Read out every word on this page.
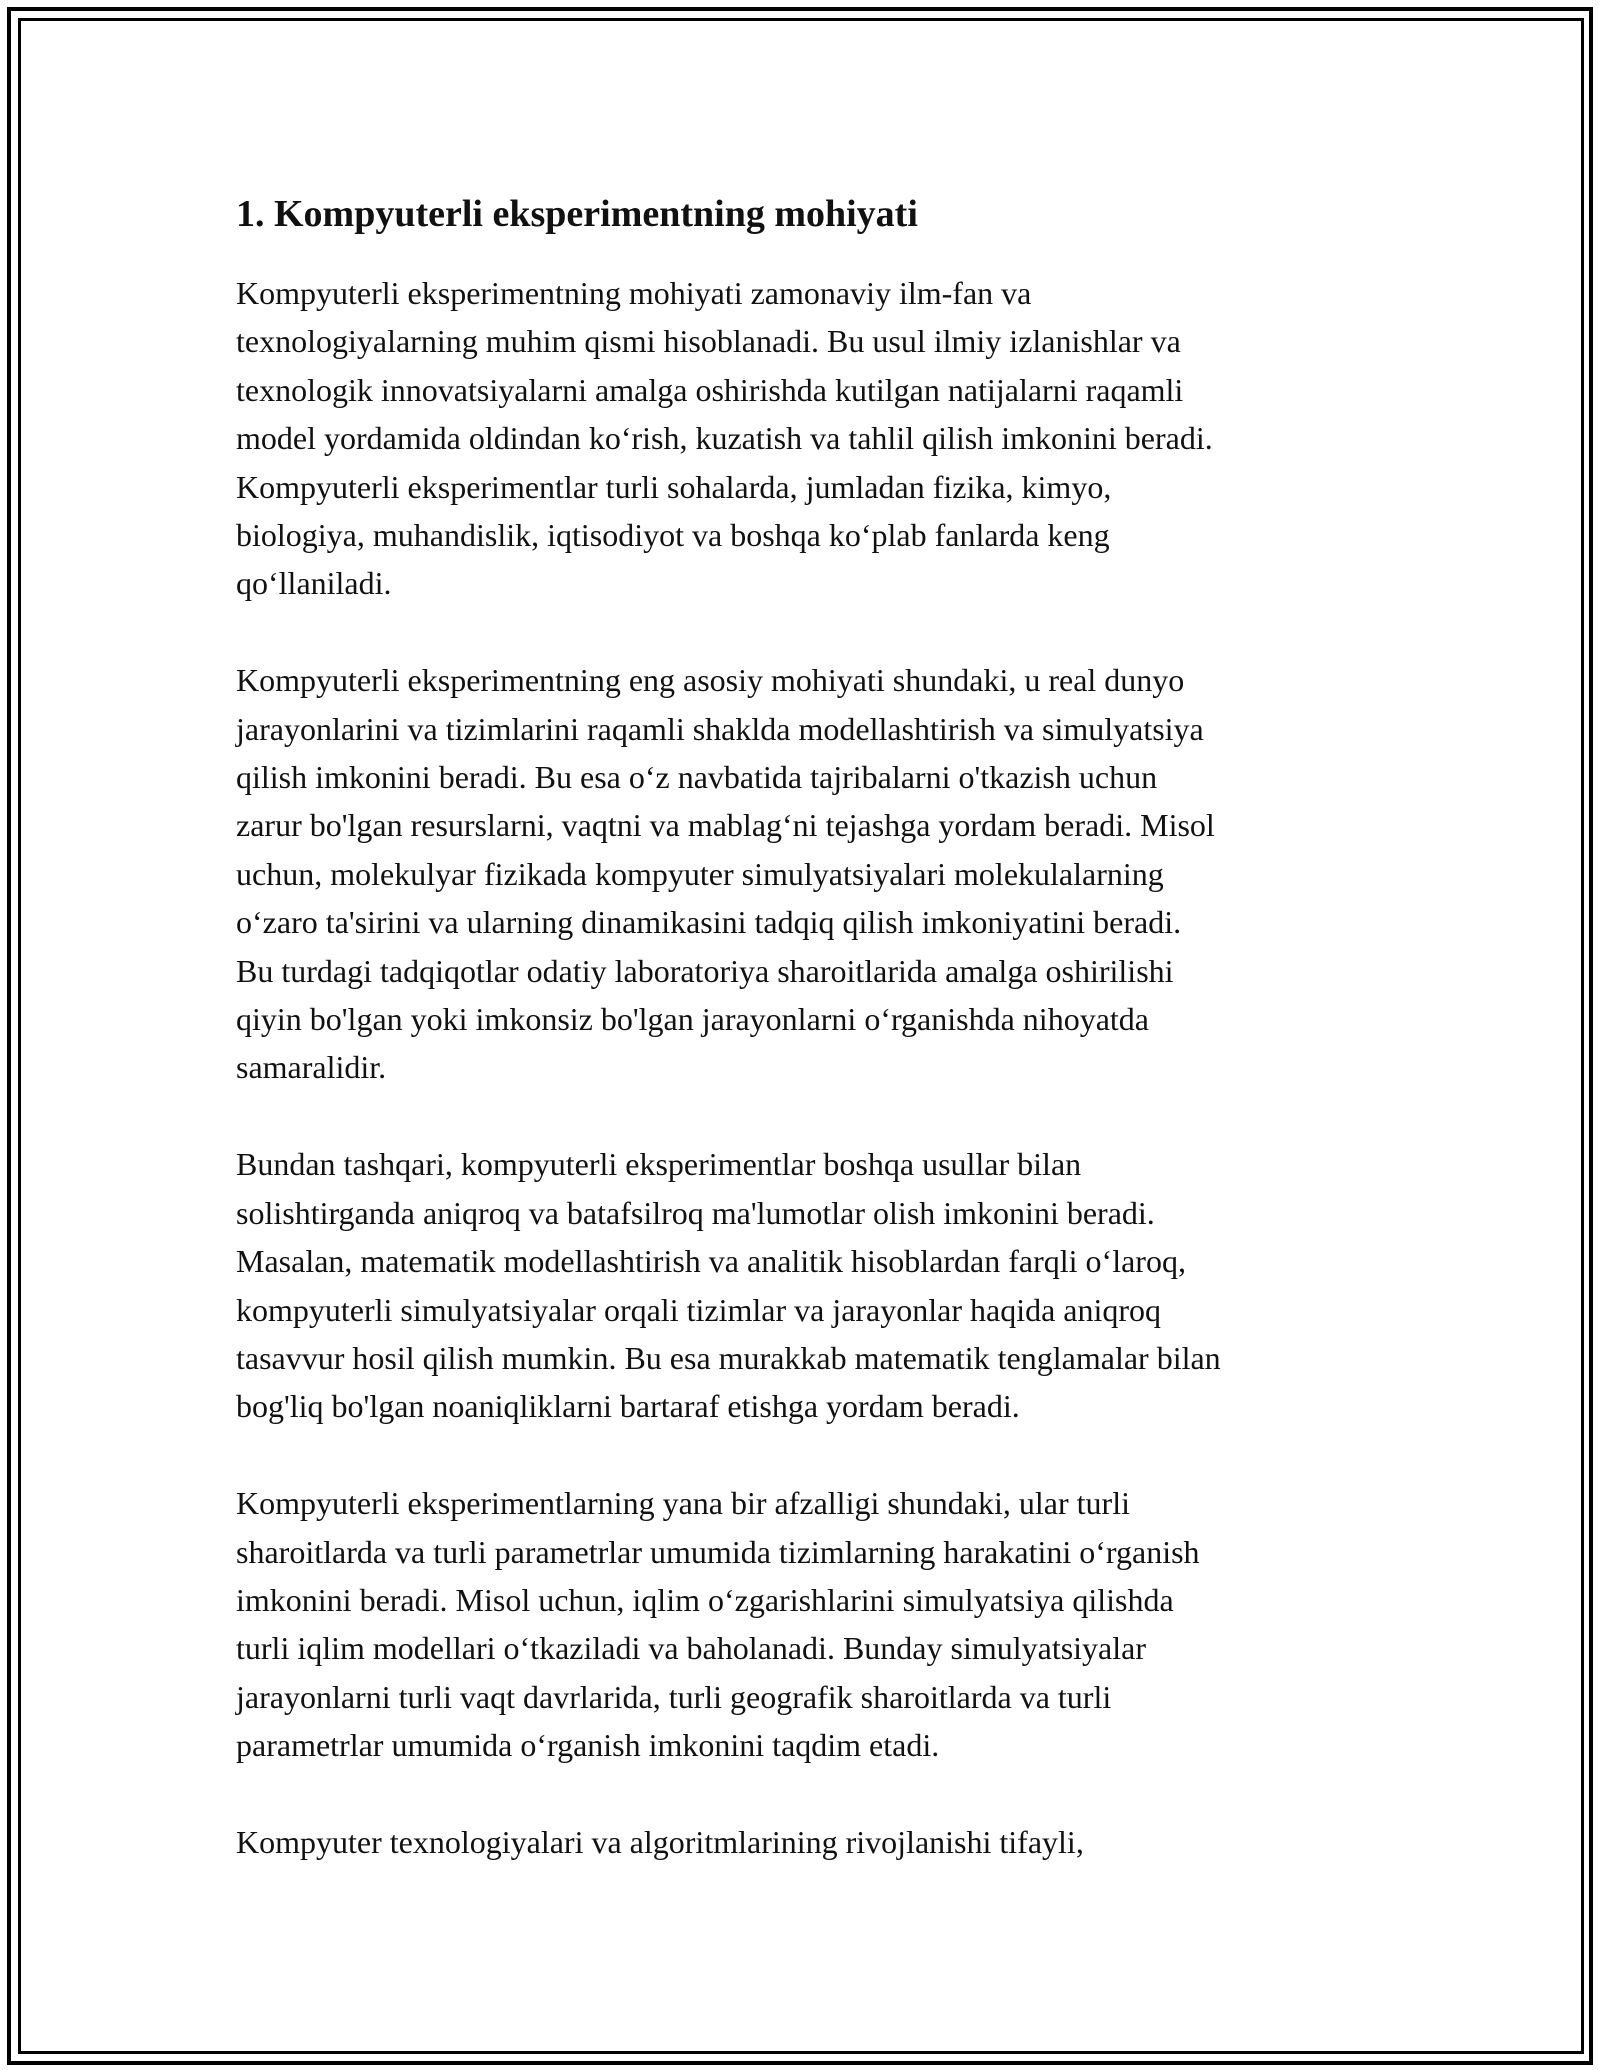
1. Kompyuterli eksperimentning mohiyati

Kompyuterli eksperimentning mohiyati zamonaviy ilm-fan va
texnologiyalarning muhim qismi hisoblanadi. Bu usul ilmiy izlanishlar va
texnologik innovatsiyalarni amalga oshirishda kutilgan natijalarni raqamli
model yordamida oldindan ko‘rish, kuzatish va tahlil qilish imkonini beradi.
Kompyuterli eksperimentlar turli sohalarda, jumladan fizika, kimyo,
biologiya, muhandislik, iqtisodiyot va boshqa ko‘plab fanlarda keng
qo‘llaniladi.

Kompyuterli eksperimentning eng asosiy mohiyati shundaki, u real dunyo
jarayonlarini va tizimlarini raqamli shaklda modellashtirish va simulyatsiya
qilish imkonini beradi. Bu esa o‘z navbatida tajribalarni o'tkazish uchun
zarur bo'lgan resurslarni, vaqtni va mablag‘ni tejashga yordam beradi. Misol
uchun, molekulyar fizikada kompyuter simulyatsiyalari molekulalarning
o‘zaro ta'sirini va ularning dinamikasini tadqiq qilish imkoniyatini beradi.
Bu turdagi tadqiqotlar odatiy laboratoriya sharoitlarida amalga oshirilishi
qiyin bo'lgan yoki imkonsiz bo'lgan jarayonlarni o‘rganishda nihoyatda
samaralidir.

Bundan tashqari, kompyuterli eksperimentlar boshqa usullar bilan
solishtirganda aniqroq va batafsilroq ma'lumotlar olish imkonini beradi.
Masalan, matematik modellashtirish va analitik hisoblardan farqli o‘laroq,
kompyuterli simulyatsiyalar orqali tizimlar va jarayonlar haqida aniqroq
tasavvur hosil qilish mumkin. Bu esa murakkab matematik tenglamalar bilan
bog'liq bo'lgan noaniqliklarni bartaraf etishga yordam beradi.

Kompyuterli eksperimentlarning yana bir afzalligi shundaki, ular turli
sharoitlarda va turli parametrlar umumida tizimlarning harakatini o‘rganish
imkonini beradi. Misol uchun, iqlim o‘zgarishlarini simulyatsiya qilishda
turli iqlim modellari o‘tkaziladi va baholanadi. Bunday simulyatsiyalar
jarayonlarni turli vaqt davrlarida, turli geografik sharoitlarda va turli
parametrlar umumida o‘rganish imkonini taqdim etadi.

Kompyuter texnologiyalari va algoritmlarining rivojlanishi tifayli,
